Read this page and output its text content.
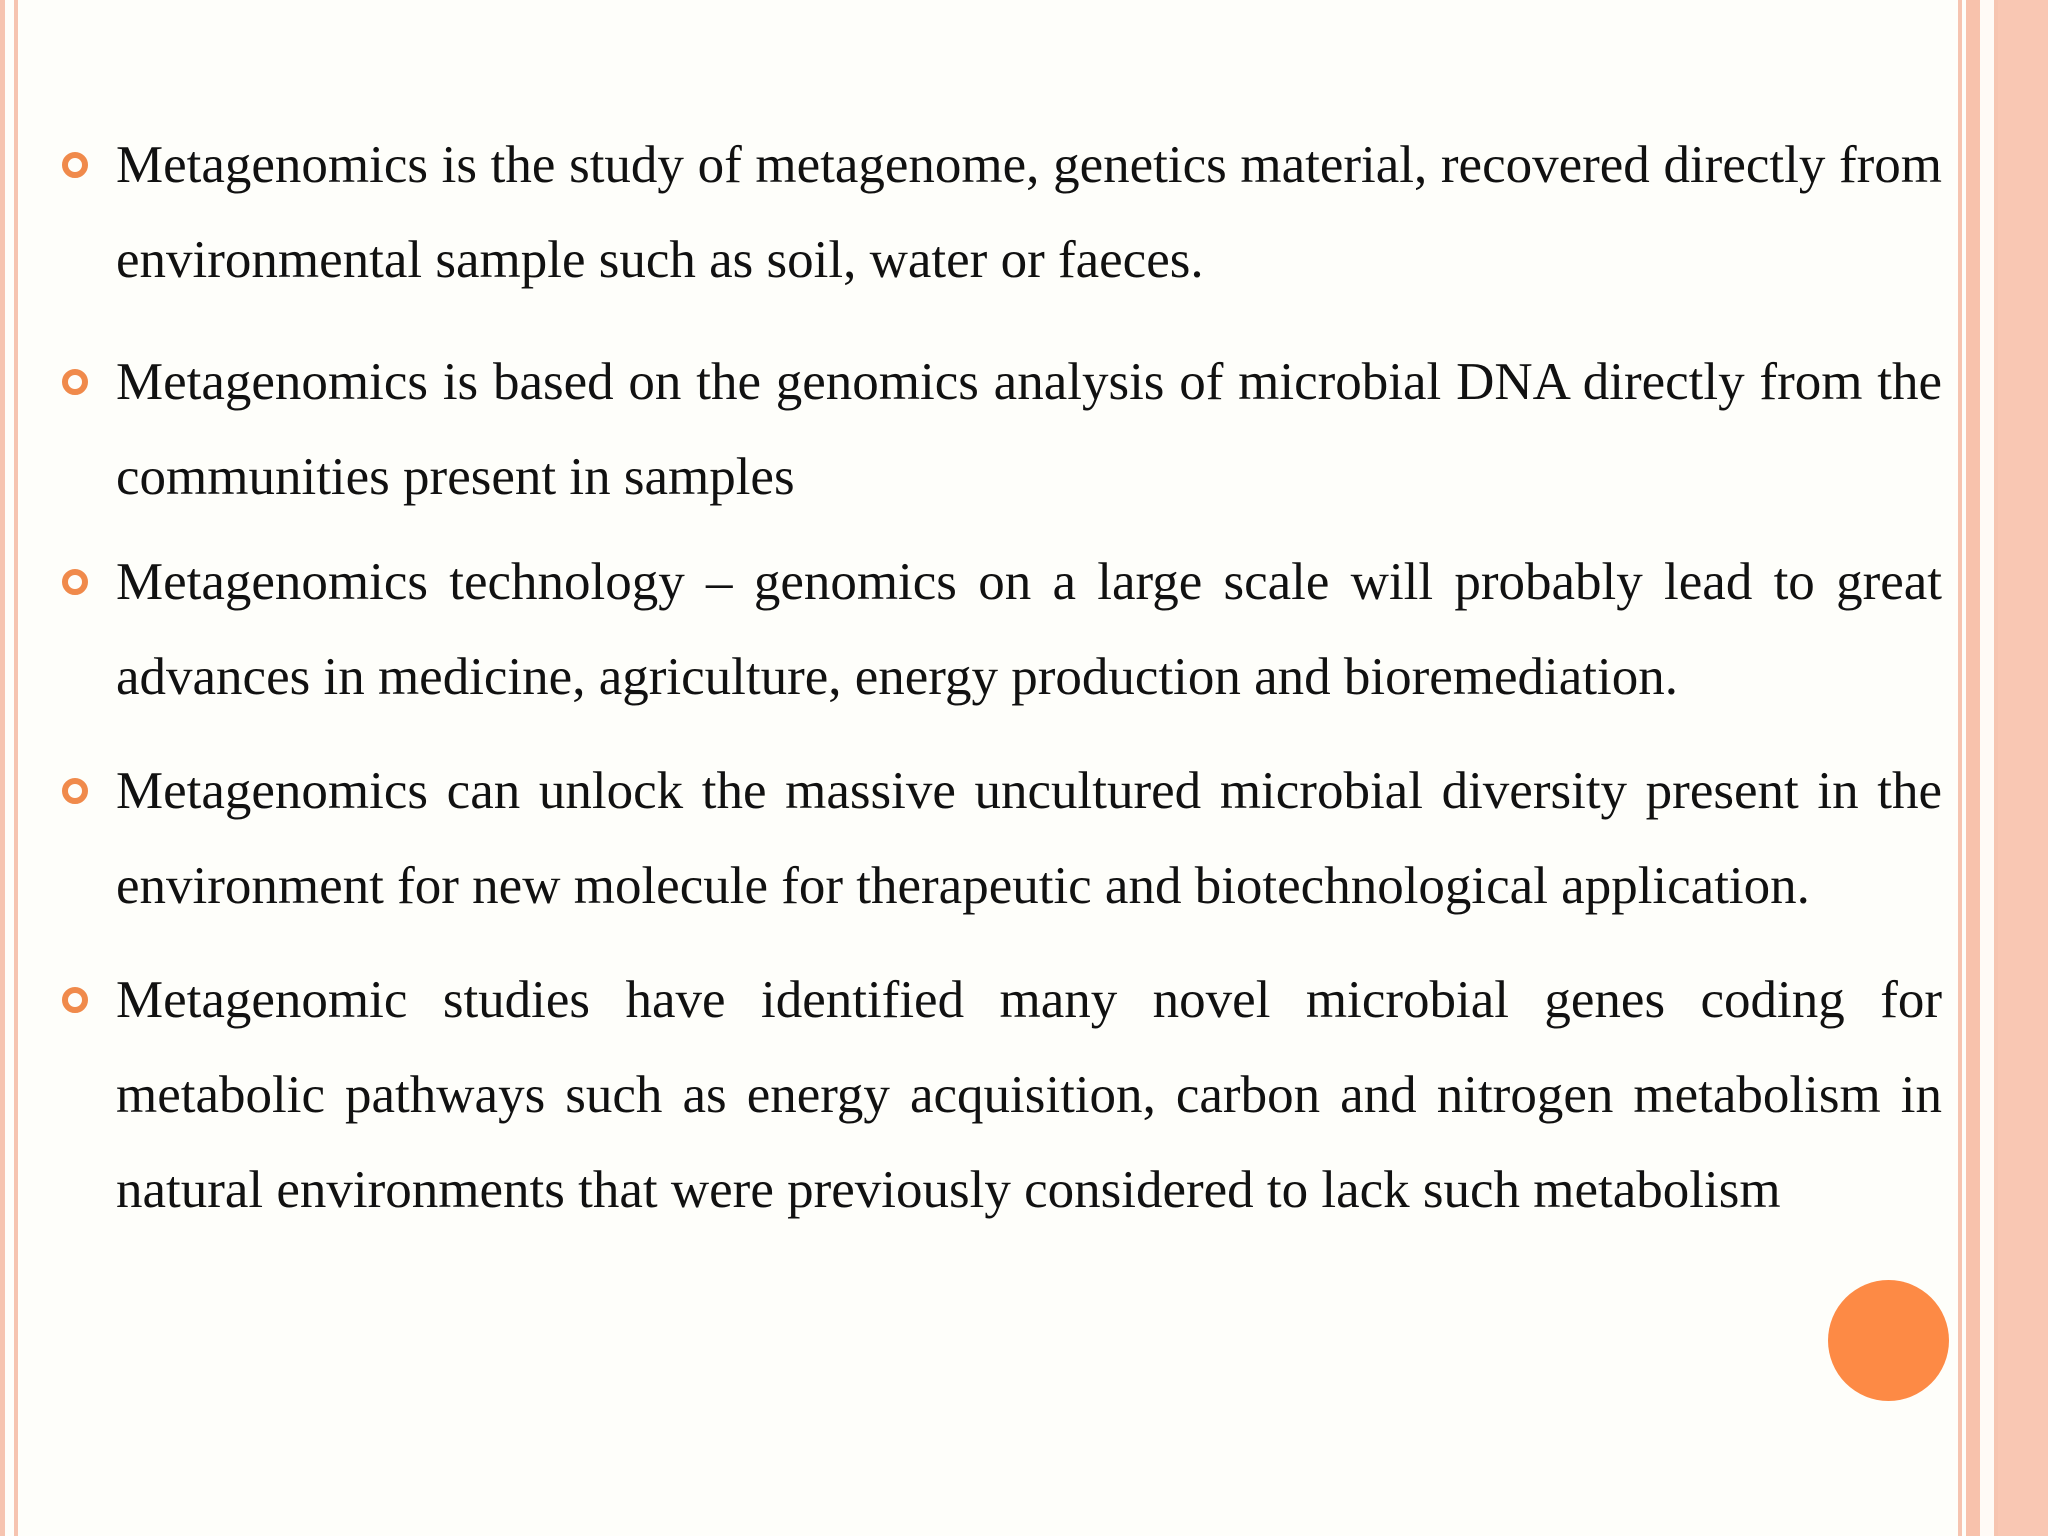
Metagenomics is the study of metagenome, genetics material, recovered directly from environmental sample such as soil, water or faeces.
Metagenomics is based on the genomics analysis of microbial DNA directly from the communities present in samples
Metagenomics technology – genomics on a large scale will probably lead to great advances in medicine, agriculture, energy production and bioremediation.
Metagenomics can unlock the massive uncultured microbial diversity present in the environment for new molecule for therapeutic and biotechnological application.
Metagenomic studies have identified many novel microbial genes coding for metabolic pathways such as energy acquisition, carbon and nitrogen metabolism in natural environments that were previously considered to lack such metabolism
